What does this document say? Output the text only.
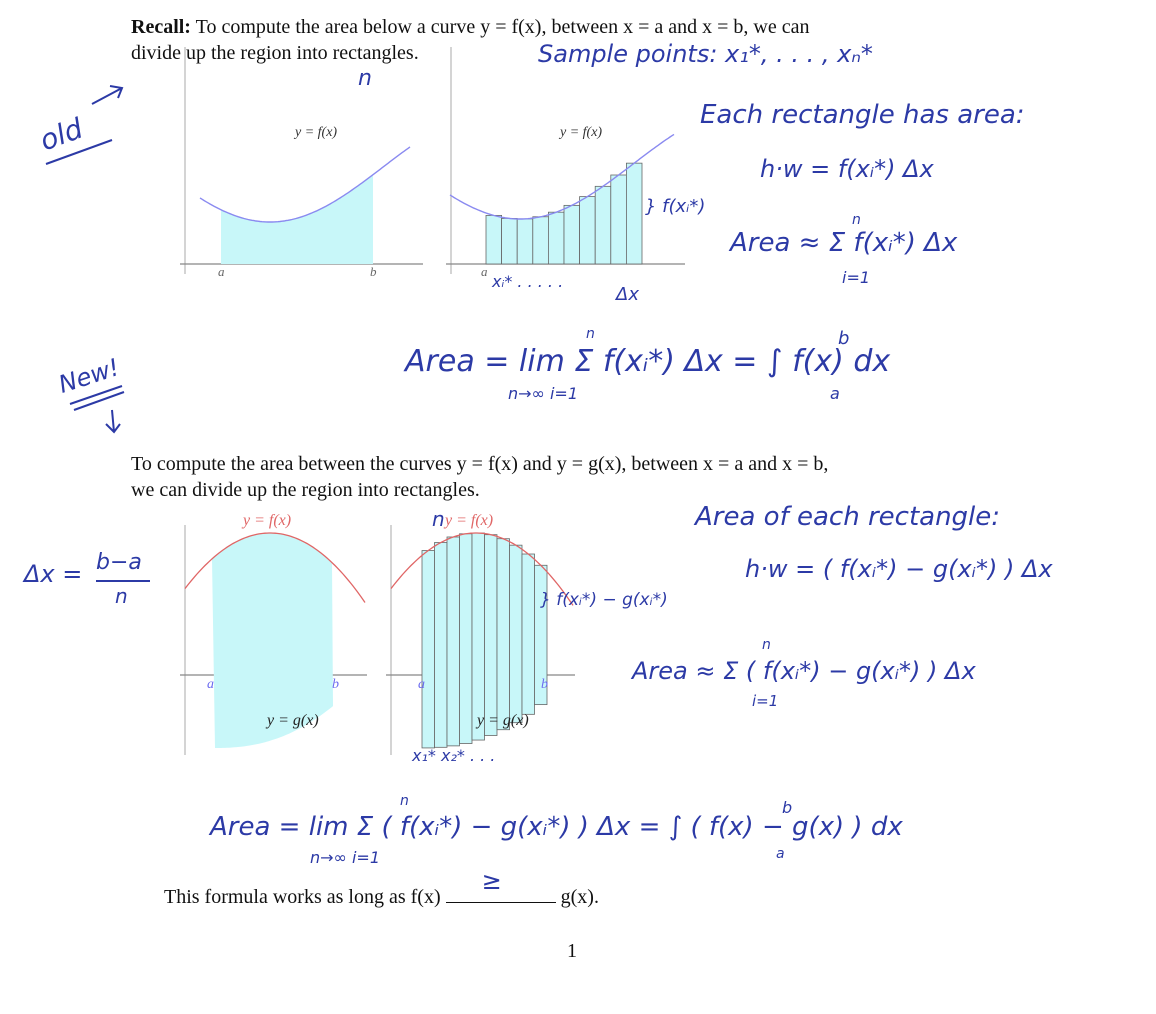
Recall: To compute the area below a curve y = f(x), between x = a and x = b, we can
divide up the region into rectangles.
n
Sample points: x₁*, . . . , xₙ*
old	Each rectangle has area:
h·w = f(xᵢ*) Δx
} f(xᵢ*)
Area ≈ Σ f(xᵢ*) Δx
n
i=1
xᵢ* . . . . .
Δx
y = f(x)
a	b
y = f(x)
a
New!	Area = lim Σ f(xᵢ*) Δx = ∫ f(x) dx
n
n→∞ i=1
b
a
To compute the area between the curves y = f(x) and y = g(x), between x = a and x = b,
we can divide up the region into rectangles.
n
Δx = b−a
n
y = f(x)
y = g(x)
a	b
y = f(x)
y = g(x)
a	b
} f(xᵢ*) − g(xᵢ*)
Area of each rectangle:
h·w = ( f(xᵢ*) − g(xᵢ*) ) Δx
Area ≈ Σ ( f(xᵢ*) − g(xᵢ*) ) Δx
n
i=1
x₁* x₂* . . .
Area = lim Σ ( f(xᵢ*) − g(xᵢ*) ) Δx = ∫ ( f(x) − g(x) ) dx
n
n→∞ i=1
b
a
This formula works as long as f(x)
≥
g(x).
1
